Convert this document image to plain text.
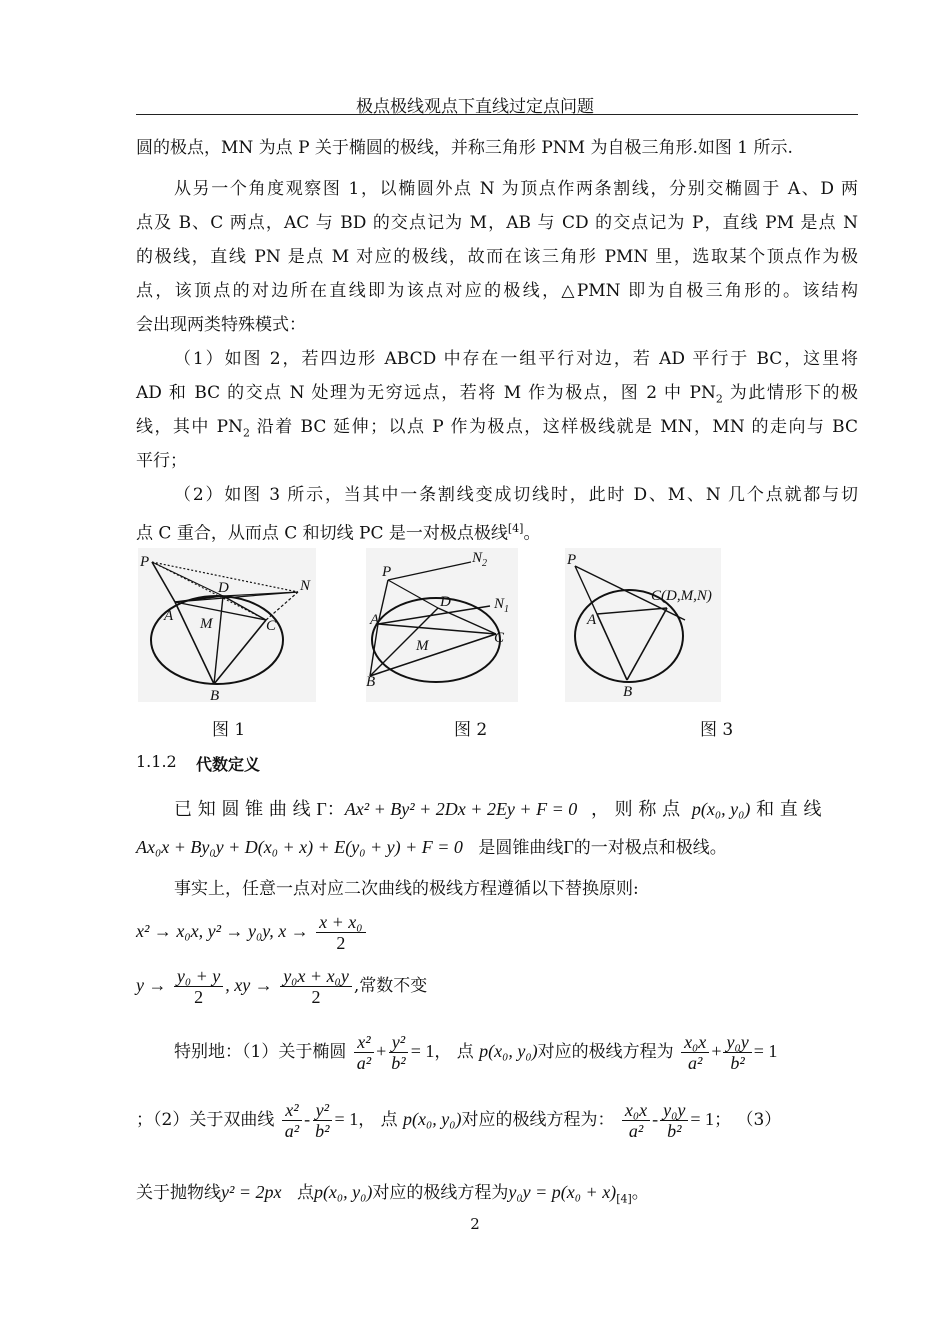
极点极线观点下直线过定点问题
圆的极点，MN 为点 P 关于椭圆的极线，并称三角形 PNM 为自极三角形.如图 1 所示.
从另一个角度观察图 1，以椭圆外点 N 为顶点作两条割线，分别交椭圆于 A、D 两
点及 B、C 两点，AC 与 BD 的交点记为 M，AB 与 CD 的交点记为 P，直线 PM 是点 N
的极线，直线 PN 是点 M 对应的极线，故而在该三角形 PMN 里，选取某个顶点作为极
点，该顶点的对边所在直线即为该点对应的极线，△PMN 即为自极三角形的。该结构
会出现两类特殊模式：
（1）如图 2，若四边形 ABCD 中存在一组平行对边，若 AD 平行于 BC，这里将
AD 和 BC 的交点 N 处理为无穷远点，若将 M 作为极点，图 2 中 $PN_2$ 为此情形下的极
线，其中 $PN_2$ 沿着 BC 延伸；以点 P 作为极点，这样极线就是 MN，MN 的走向与 BC
平行；
（2）如图 3 所示，当其中一条割线变成切线时，此时 D、M、N 几个点就都与切
点 C 重合，从而点 C 和切线 PC 是一对极点极线[4]。
P
N
D
A M	C
B
P
$N_2$
$N_1$
D
A
M	C
B
P
C(D,M,N)
A
B
图 1	图 2	图 3
1.1.2 代数定义
已 知 圆 锥 曲 线 Γ：Ax² + By² + 2Dx + 2Ey + F = 0 ， 则 称 点 p(x₀, y₀) 和 直 线
Ax₀x + By₀y + D(x₀ + x) + E(y₀ + y) + F = 0 是圆锥曲线Γ的一对极点和极线。
事实上，任意一点对应二次曲线的极线方程遵循以下替换原则:
x² → x₀x, y² → y₀y, $x \to \frac{\text{x + x₀}}{2}$
$y \to \frac{\text{y₀ + y}}{2}$ , xy → $\frac{\text{y₀x + x₀y}}{2}$ ,常数不变
特别地：（1）关于椭圆 $\frac{\text{x²}}{\text{a²}} + \frac{\text{y²}}{\text{b²}} = 1$， 点 p(x₀, y₀)对应的极线方程为 $\frac{\text{x₀x}}{\text{a²}} + \frac{\text{y₀y}}{\text{b²}} = 1$
；（2）关于双曲线 $\frac{\text{x²}}{\text{a²}} - \frac{\text{y²}}{\text{b²}} = 1$， 点 p(x₀, y₀)对应的极线方程为： $\frac{\text{x₀x}}{\text{a²}} - \frac{\text{y₀y}}{\text{b²}} = 1$； （3）
关于抛物线y² = 2px 点p(x₀, y₀)对应的极线方程为$y_0y = p(x_0 + x)_{[4]}$。
2
